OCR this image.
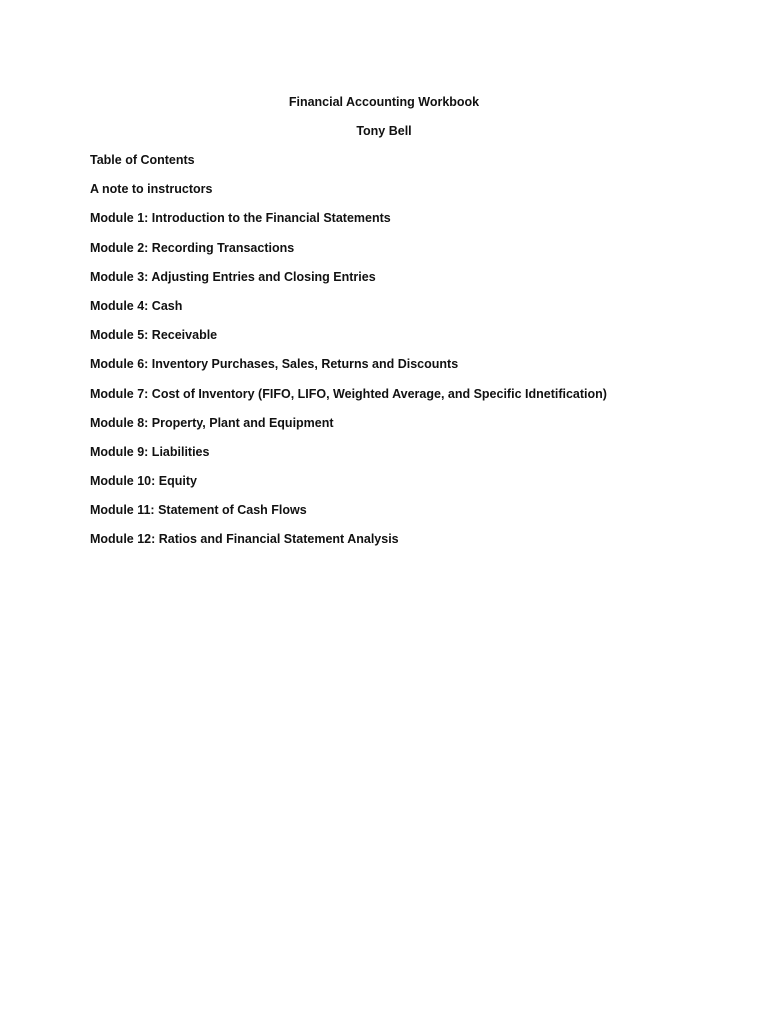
Financial Accounting Workbook
Tony Bell
Table of Contents
A note to instructors
Module 1: Introduction to the Financial Statements
Module 2: Recording Transactions
Module 3: Adjusting Entries and Closing Entries
Module 4: Cash
Module 5: Receivable
Module 6: Inventory Purchases, Sales, Returns and Discounts
Module 7: Cost of Inventory (FIFO, LIFO, Weighted Average, and Specific Idnetification)
Module 8: Property, Plant and Equipment
Module 9: Liabilities
Module 10: Equity
Module 11: Statement of Cash Flows
Module 12: Ratios and Financial Statement Analysis
